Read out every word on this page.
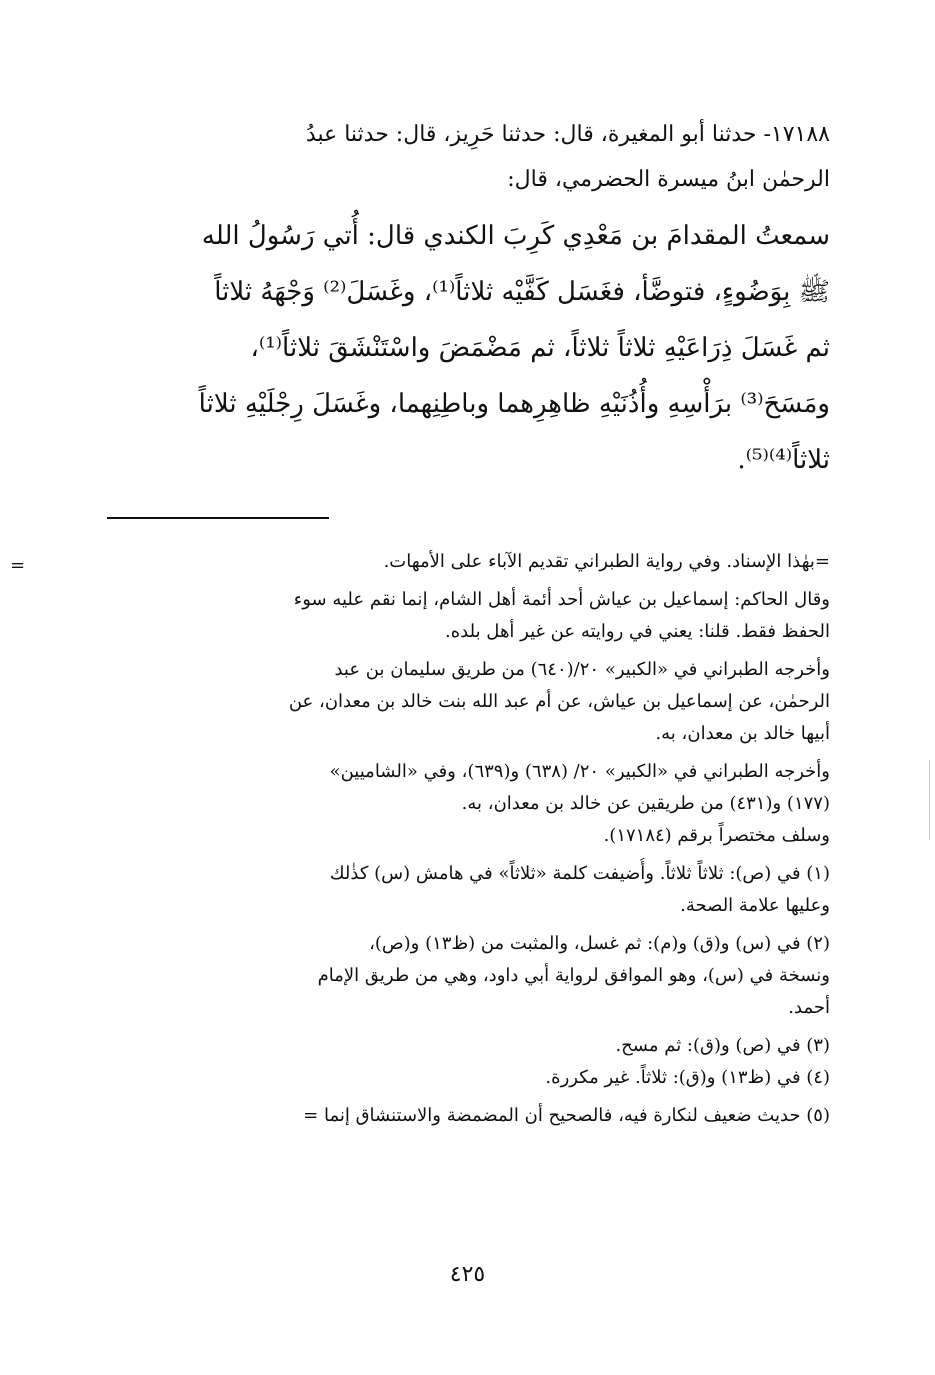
١٧١٨٨- حدثنا أبو المغيرة، قال: حدثنا حَرِيز، قال: حدثنا عبدُ
الرحمٰن ابنُ ميسرة الحضرمي، قال:
سمعتُ المقدامَ بن مَعْدِي كَرِبَ الكندي قال: أُتي رَسُولُ الله
ﷺ بِوَضُوءٍ، فتوضَّأ، فغَسَل كَفَّيْه ثلاثاً⁽¹⁾، وغَسَلَ⁽²⁾ وَجْهَهُ ثلاثاً
ثم غَسَلَ ذِرَاعَيْهِ ثلاثاً ثلاثاً، ثم مَضْمَضَ واسْتَنْشَقَ ثلاثاً⁽¹⁾،
ومَسَحَ⁽³⁾ برَأْسِهِ وأُذُنَيْهِ ظاهِرِهما وباطِنِهما، وغَسَلَ رِجْلَيْهِ ثلاثاً
ثلاثاً⁽⁴⁾⁽⁵⁾.
=	=بهٰذا الإسناد. وفي رواية الطبراني تقديم الآباء على الأمهات.
وقال الحاكم: إسماعيل بن عياش أحد أئمة أهل الشام، إنما نقم عليه سوء
الحفظ فقط. قلنا: يعني في روايته عن غير أهل بلده.
وأخرجه الطبراني في «الكبير» ٢٠/(٦٤٠) من طريق سليمان بن عبد
الرحمٰن، عن إسماعيل بن عياش، عن أم عبد الله بنت خالد بن معدان، عن
أبيها خالد بن معدان، به.
وأخرجه الطبراني في «الكبير» ٢٠/ (٦٣٨) و(٦٣٩)، وفي «الشاميين»
(١٧٧) و(٤٣١) من طريقين عن خالد بن معدان، به.
وسلف مختصراً برقم (١٧١٨٤).
(١) في (ص): ثلاثاً ثلاثاً. وأُضيفت كلمة «ثلاثاً» في هامش (س) كذٰلك
وعليها علامة الصحة.
(٢) في (س) و(ق) و(م): ثم غسل، والمثبت من (ظ١٣) و(ص)،
ونسخة في (س)، وهو الموافق لرواية أبي داود، وهي من طريق الإمام
أحمد.
(٣) في (ص) و(ق): ثم مسح.
(٤) في (ظ١٣) و(ق): ثلاثاً. غير مكررة.
(٥) حديث ضعيف لنكارة فيه، فالصحيح أن المضمضة والاستنشاق إنما =
٤٢٥
